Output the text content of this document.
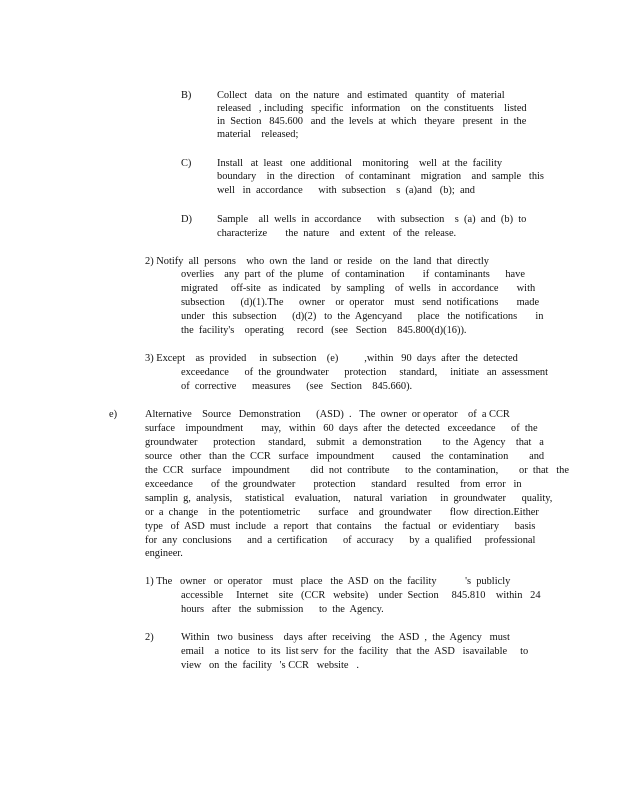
B) Collect   data   on  the  nature   and  estimated   quantity   of  material
released   , including   specific   information    on  the  constituents    listed
in  Section   845.600   and  the  levels  at  which   theyare   present   in  the
material    released;
C) Install   at  least   one  additional    monitoring    well  at  the  facility
boundary    in  the  direction    of  contaminant    migration    and  sample   this
well   in  accordance      with  subsection    s  (a)and   (b);  and
D) Sample    all  wells  in  accordance      with  subsection    s  (a)  and  (b)  to
characterize       the  nature    and  extent   of  the  release.
2) Notify  all  persons    who  own  the  land  or  reside   on  the  land  that  directly
overlies    any  part  of  the  plume   of  contamination       if  contaminants      have
migrated     off-site   as  indicated    by  sampling    of  wells   in  accordance       with
subsection      (d)(1).The      owner    or  operator    must   send  notifications       made
under   this  subsection      (d)(2)   to  the  Agencyand      place   the  notifications       in
the  facility's    operating     record   (see   Section    845.800(d)(16)).
3) Except    as  provided     in  subsection    (e)          ,within   90  days  after  the  detected
exceedance      of  the  groundwater      protection     standard,     initiate   an  assessment
of  corrective      measures      (see   Section    845.660).
e)	Alternative    Source   Demonstration      (ASD)  .   The  owner  or operator    of  a CCR
surface    impoundment       may,   within   60  days  after  the  detected   exceedance      of  the
groundwater      protection     standard,    submit   a  demonstration        to  the  Agency    that   a
source   other   than  the  CCR   surface   impoundment       caused    the  contamination        and
the  CCR   surface    impoundment        did  not  contribute      to  the  contamination,        or  that   the
exceedance       of  the  groundwater       protection      standard    resulted    from  error   in
samplin  g,  analysis,     statistical    evaluation,     natural   variation     in  groundwater      quality,
or  a  change    in  the  potentiometric       surface    and  groundwater       flow  direction.Either
type   of  ASD  must  include   a  report   that  contains     the  factual   or  evidentiary      basis
for  any  conclusions      and  a  certification      of  accuracy      by  a  qualified     professional
engineer.
1) The   owner   or  operator    must   place   the  ASD  on  the  facility           's  publicly
accessible     Internet    site   (CCR   website)    under  Section     845.810    within   24
hours   after   the  submission      to  the  Agency.
2)	Within   two  business    days  after  receiving    the  ASD  ,  the  Agency   must
email    a  notice   to  its  list serv  for  the  facility   that  the  ASD   isavailable     to
view   on  the  facility   's CCR   website   .
